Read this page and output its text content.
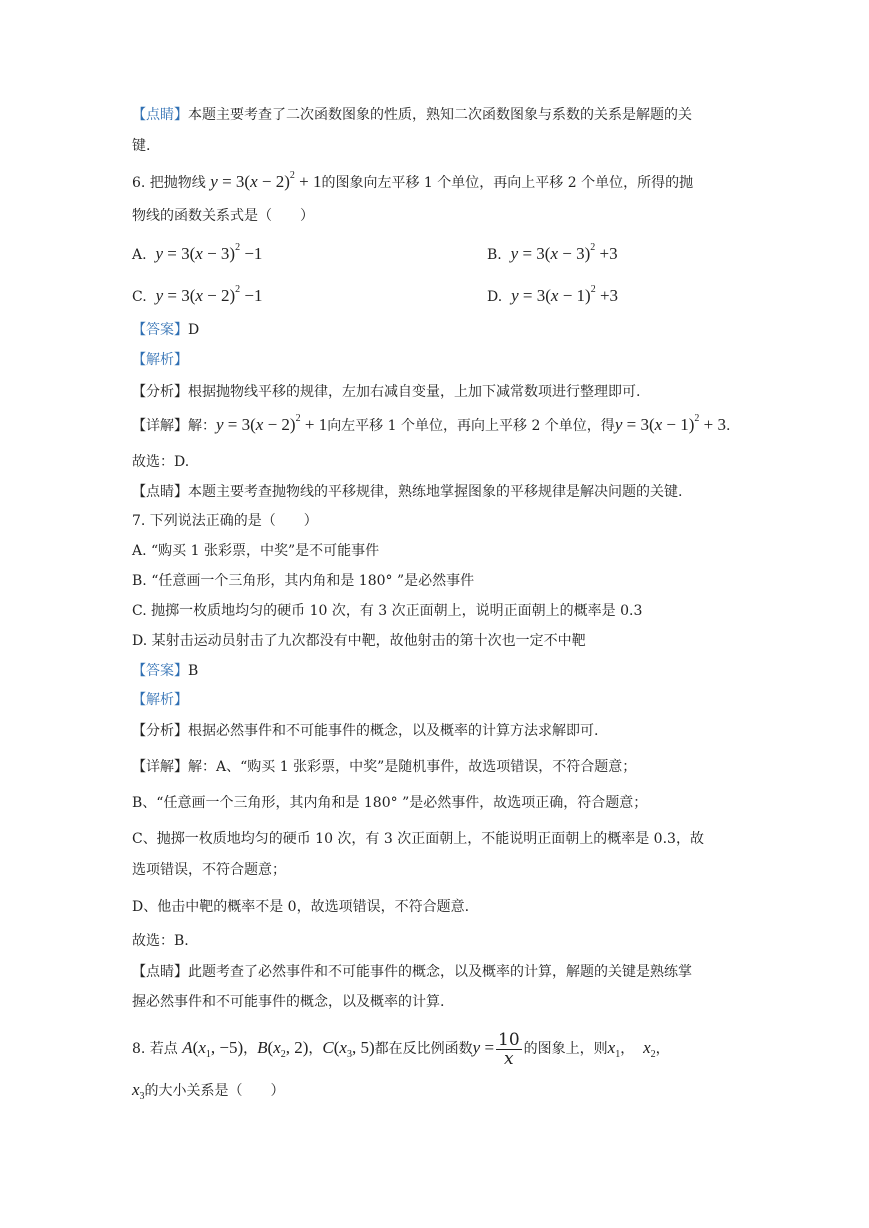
【点睛】本题主要考查了二次函数图象的性质，熟知二次函数图象与系数的关系是解题的关
键.
6. 把抛物线 $y = 3(x - 2)^2 + 1$的图象向左平移 1 个单位，再向上平移 2 个单位，所得的抛
物线的函数关系式是（　　）
A. $y = 3(x - 3)^2 -1$	B. $y = 3(x - 3)^2 +3$
C. $y = 3(x - 2)^2 -1$	D. $y = 3(x - 1)^2 +3$
【答案】D
【解析】
【分析】根据抛物线平移的规律，左加右减自变量，上加下减常数项进行整理即可.
【详解】解：$y = 3(x - 2)^2 + 1$向左平移 1 个单位，再向上平移 2 个单位，得$y = 3(x - 1)^2 + 3$.
故选：D.
【点睛】本题主要考查抛物线的平移规律，熟练地掌握图象的平移规律是解决问题的关键.
7. 下列说法正确的是（　　）
A. “购买 1 张彩票，中奖”是不可能事件
B. “任意画一个三角形，其内角和是 180° ”是必然事件
C. 抛掷一枚质地均匀的硬币 10 次，有 3 次正面朝上，说明正面朝上的概率是 0.3
D. 某射击运动员射击了九次都没有中靶，故他射击的第十次也一定不中靶
【答案】B
【解析】
【分析】根据必然事件和不可能事件的概念，以及概率的计算方法求解即可.
【详解】解：A、“购买 1 张彩票，中奖”是随机事件，故选项错误，不符合题意；
B、“任意画一个三角形，其内角和是 180° ”是必然事件，故选项正确，符合题意；
C、抛掷一枚质地均匀的硬币 10 次，有 3 次正面朝上，不能说明正面朝上的概率是 0.3，故
选项错误，不符合题意；
D、他击中靶的概率不是 0，故选项错误，不符合题意.
故选：B.
【点睛】此题考查了必然事件和不可能事件的概念，以及概率的计算，解题的关键是熟练掌
握必然事件和不可能事件的概念，以及概率的计算.
8. 若点 $A(x_1$, −5)，$B(x_2$, 2)，$C(x_3$, 5)都在反比例函数$y = \frac{10}{x}$ 的图象上，则$x_1$，  $x_2$，
$x_3$的大小关系是（　　）
